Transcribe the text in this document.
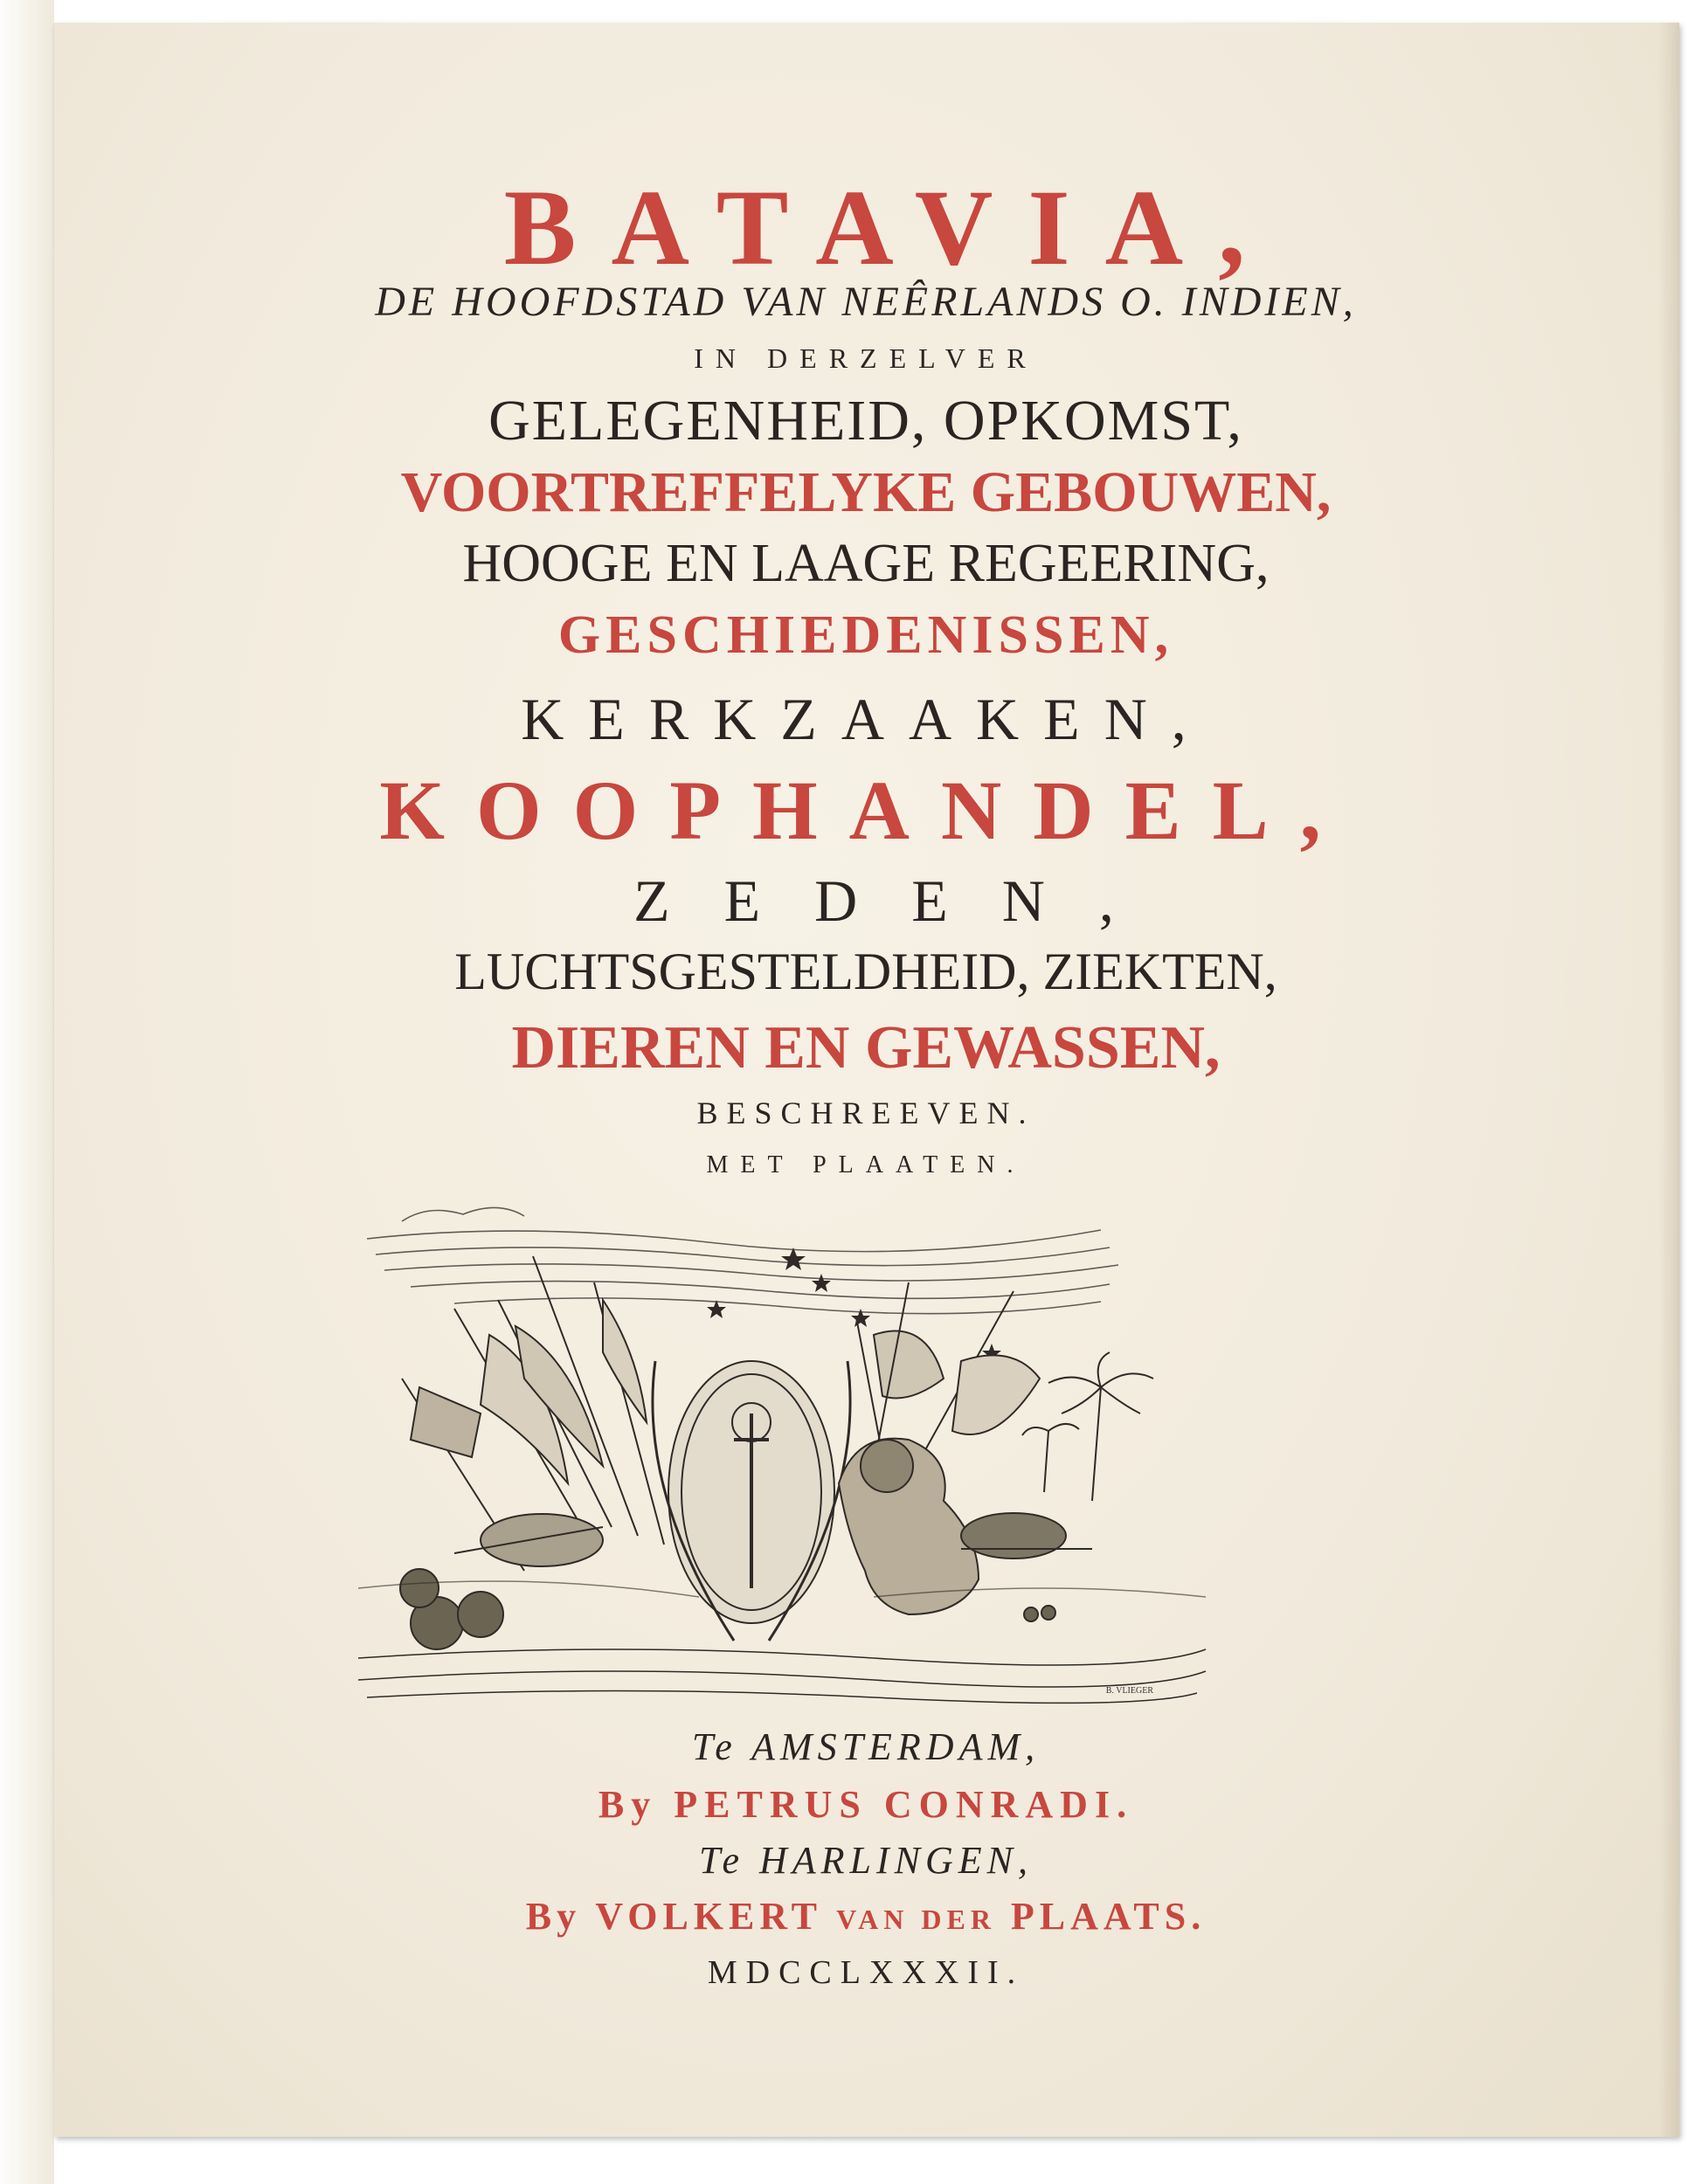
BATAVIA,

DE HOOFDSTAD VAN NEÊRLANDS O. INDIEN,

IN DERZELVER

GELEGENHEID, OPKOMST,

VOORTREFFELYKE GEBOUWEN,

HOOGE EN LAAGE REGEERING,

GESCHIEDENISSEN,

KERKZAAKEN,

KOOPHANDEL,

ZEDEN,

LUCHTSGESTELDHEID, ZIEKTEN,

DIEREN EN GEWASSEN,

BESCHREEVEN.

MET PLAATEN.

B. VLIEGER

Te AMSTERDAM,

By PETRUS CONRADI.

Te HARLINGEN,

By VOLKERT VAN DER PLAATS.

MDCCLXXXII.
